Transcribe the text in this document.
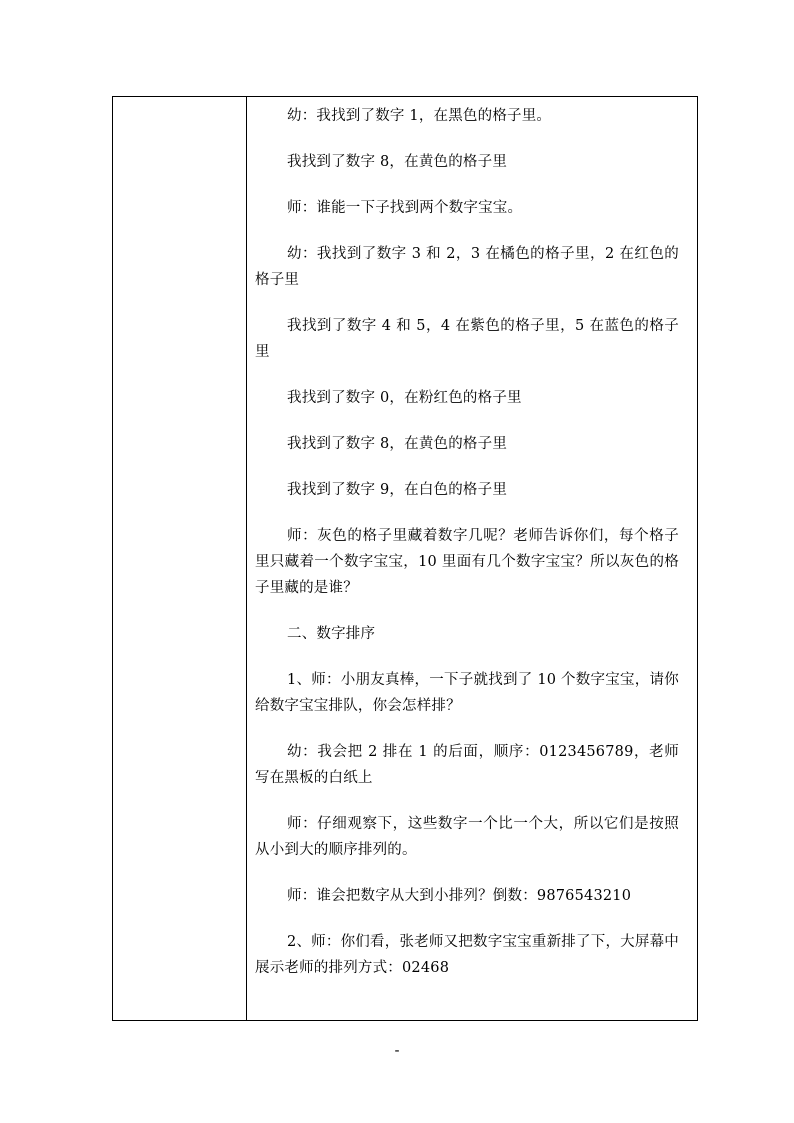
幼：我找到了数字 1，在黑色的格子里。

我找到了数字 8，在黄色的格子里

师：谁能一下子找到两个数字宝宝。

幼：我找到了数字 3 和 2，3 在橘色的格子里，2 在红色的格子里

我找到了数字 4 和 5，4 在紫色的格子里，5 在蓝色的格子里

我找到了数字 0，在粉红色的格子里

我找到了数字 8，在黄色的格子里

我找到了数字 9，在白色的格子里

师：灰色的格子里藏着数字几呢？老师告诉你们，每个格子里只藏着一个数字宝宝，10 里面有几个数字宝宝？所以灰色的格子里藏的是谁？

二、数字排序

1、师：小朋友真棒，一下子就找到了 10 个数字宝宝，请你给数字宝宝排队，你会怎样排？

幼：我会把 2 排在 1 的后面，顺序：0123456789，老师写在黑板的白纸上

师：仔细观察下，这些数字一个比一个大，所以它们是按照从小到大的顺序排列的。

师：谁会把数字从大到小排列？倒数：9876543210

2、师：你们看，张老师又把数字宝宝重新排了下，大屏幕中展示老师的排列方式：02468

-
